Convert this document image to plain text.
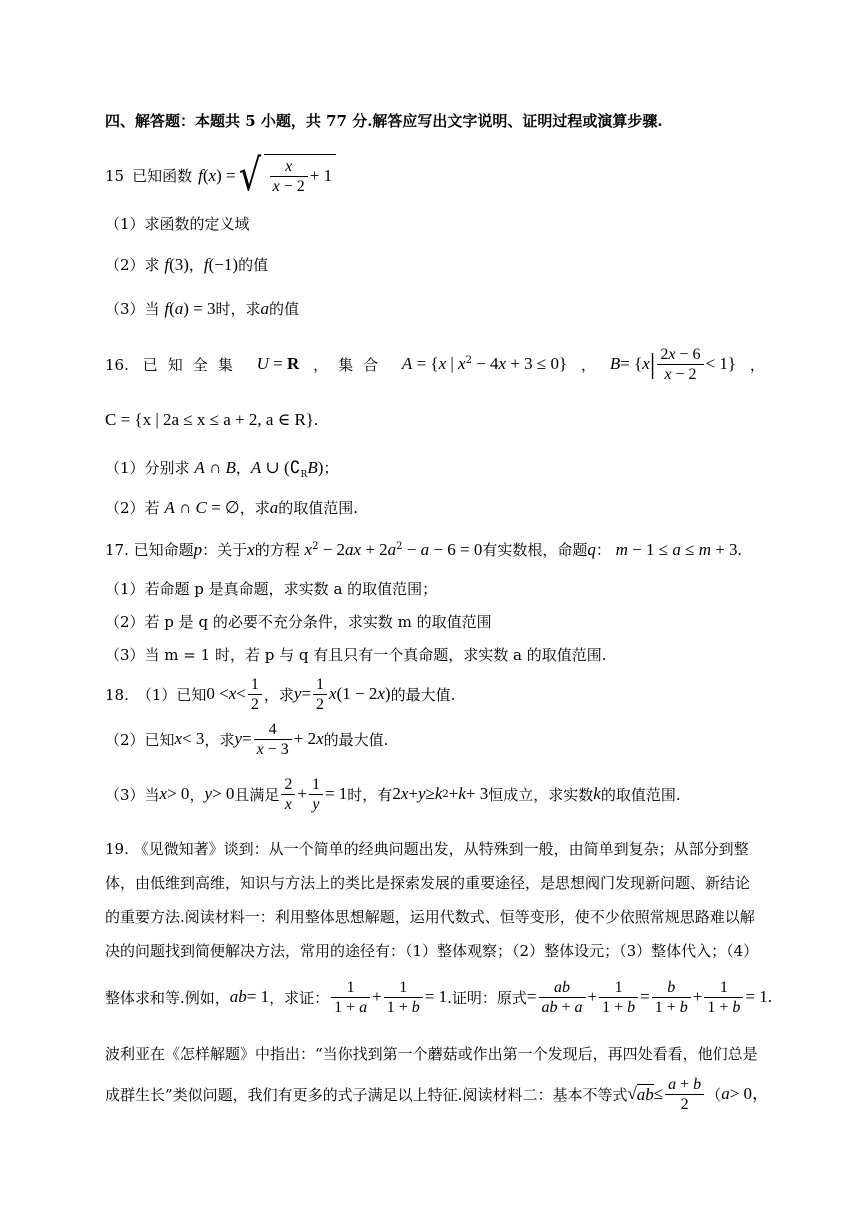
四、解答题：本题共 5 小题，共 77 分.解答应写出文字说明、证明过程或演算步骤.
15 已知函数 f ( x ) = √ $\frac{x}{x - 2} + 1$
（1）求函数的定义域
（2）求 f(3)，f(−1)的值
（3）当 f(a) = 3时，求a的值
16. 已知全集 U = R ，集合 A = {x | $x^2 - 4x + 3 \le 0$} ， B = { x | $\frac{2x - 6}{x - 2} < 1$} ，
C = {x | 2a ≤ x ≤ a + 2, a ∈ R}.
（1）分别求 A ∩ B，A ∪ $(∁_RB)$；
（2）若 A ∩ C = ∅，求a的取值范围.
17. 已知命题p：关于x的方程 $x^2 - 2ax + 2a^2 - a - 6 = 0$有实数根，命题q： m − 1 ≤ a ≤ m + 3.
（1）若命题 p 是真命题，求实数 a 的取值范围；
（2）若 p 是 q 的必要不充分条件，求实数 m 的取值范围
（3）当 m = 1 时，若 p 与 q 有且只有一个真命题，求实数 a 的取值范围.
18. （1）已知 $0 < x < \frac{1}{2}$ ，求 $y = \frac{1}{2}$ x (1 − 2 x ) 的最大值.
（2）已知 x < 3 ，求 $y = \frac{4}{x - 3} + 2$ x 的最大值.
（3）当 x > 0 ， y > 0 且满足 $\frac{2}{x} + \frac{1}{y} = 1$ 时，有 2 x + y ≥ k 2 + k + 3 恒成立，求实数 k 的取值范围.
19. 《见微知著》谈到：从一个简单的经典问题出发，从特殊到一般，由简单到复杂；从部分到整
体，由低维到高维，知识与方法上的类比是探索发展的重要途径，是思想阀门发现新问题、新结论
的重要方法.阅读材料一：利用整体思想解题，运用代数式、恒等变形，使不少依照常规思路难以解
决的问题找到简便解决方法，常用的途径有：（1）整体观察；（2）整体设元；（3）整体代入；（4）
整体求和等.例如， ab = 1 ，求证： $\frac{1}{1 + a} + \frac{1}{1 + b} = 1$ .证明：原式 = $\frac{ab}{ab + a} + \frac{1}{1 + b} = \frac{b}{1 + b} + \frac{1}{1 + b} = 1$.
波利亚在《怎样解题》中指出：“当你找到第一个蘑菇或作出第一个发现后，再四处看看，他们总是
成群生长”类似问题，我们有更多的式子满足以上特征.阅读材料二：基本不等式 √ ab ≤ $\frac{a + b}{2}$ （ a > 0，
